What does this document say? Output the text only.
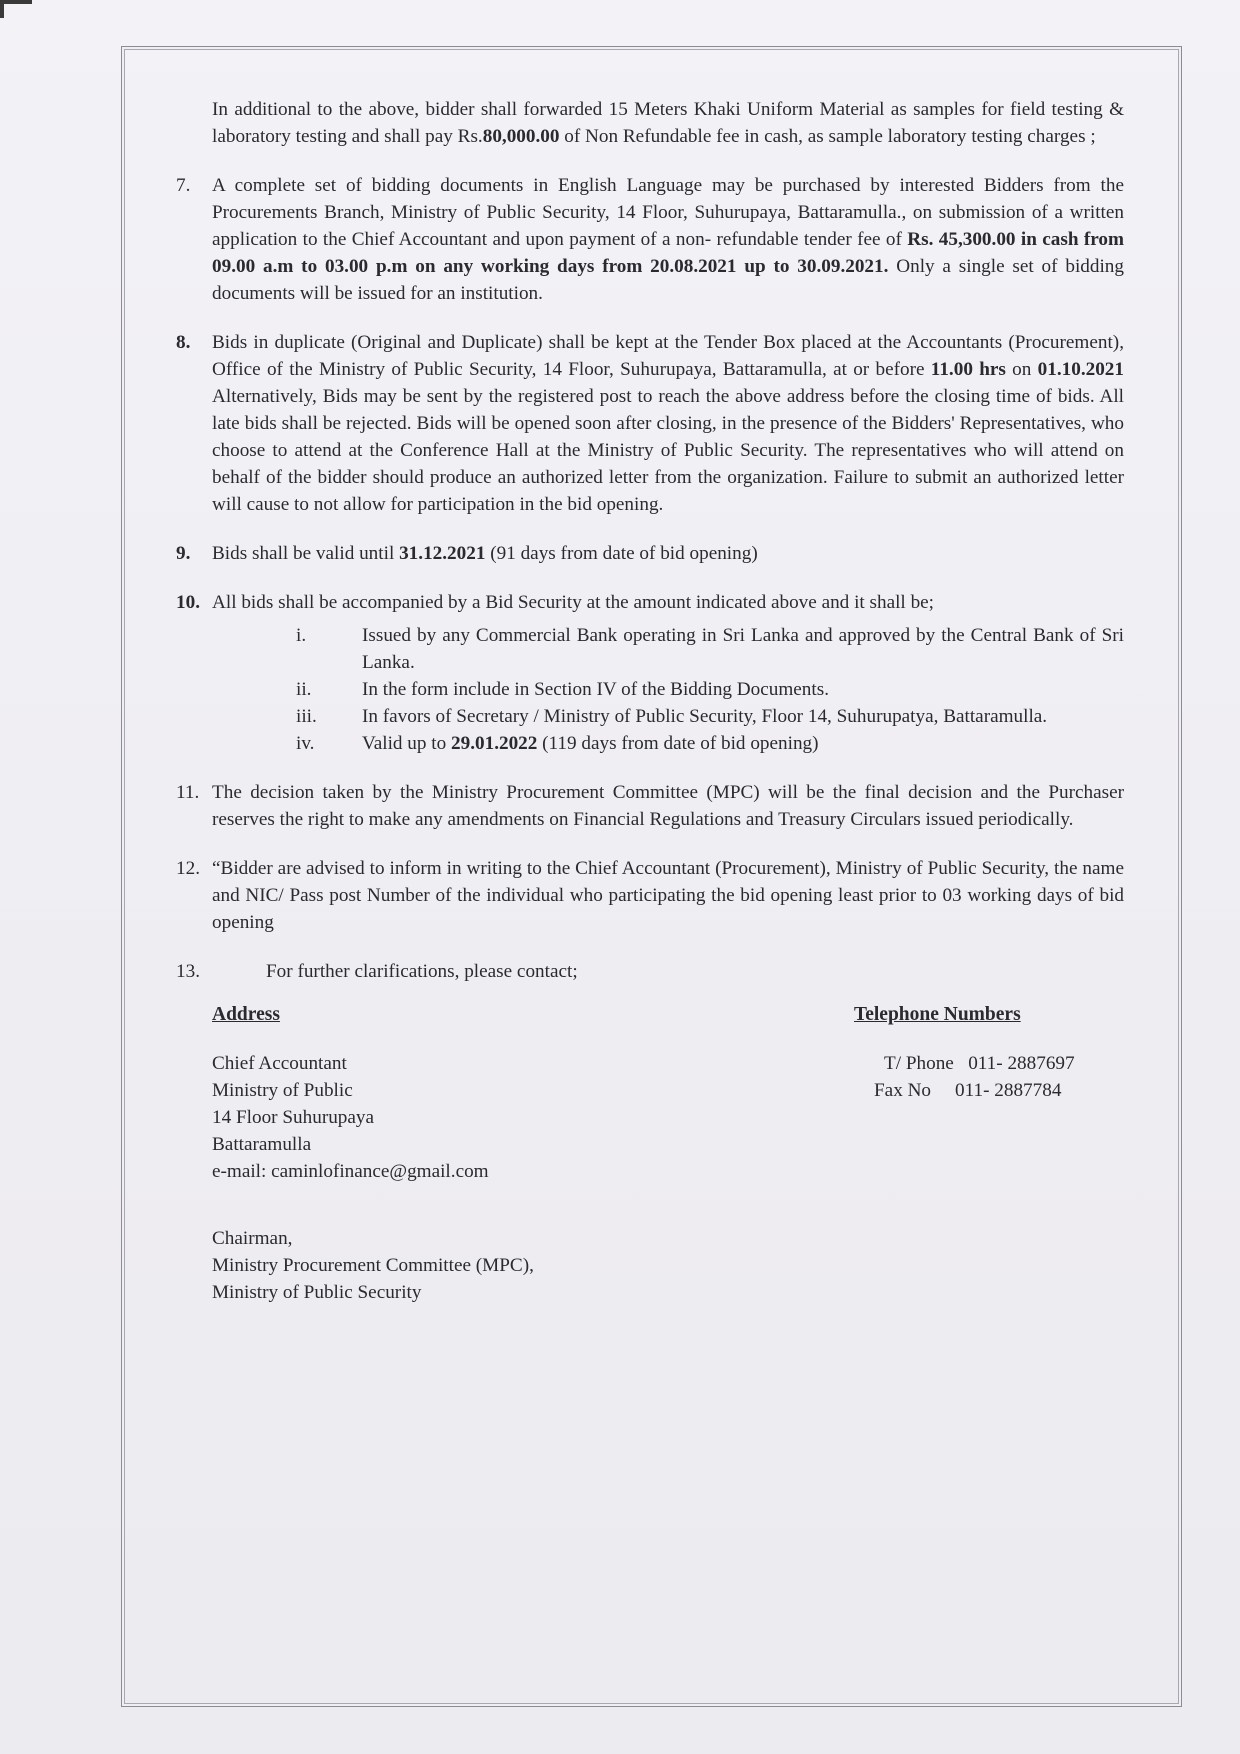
In additional to the above, bidder shall forwarded 15 Meters Khaki Uniform Material as samples for field testing & laboratory testing and shall pay Rs.80,000.00 of Non Refundable fee in cash, as sample laboratory testing charges ;

7. A complete set of bidding documents in English Language may be purchased by interested Bidders from the Procurements Branch, Ministry of Public Security, 14 Floor, Suhurupaya, Battaramulla., on submission of a written application to the Chief Accountant and upon payment of a non- refundable tender fee of Rs. 45,300.00 in cash from 09.00 a.m to 03.00 p.m on any working days from 20.08.2021 up to 30.09.2021. Only a single set of bidding documents will be issued for an institution.
8. Bids in duplicate (Original and Duplicate) shall be kept at the Tender Box placed at the Accountants (Procurement), Office of the Ministry of Public Security, 14 Floor, Suhurupaya, Battaramulla, at or before 11.00 hrs on 01.10.2021 Alternatively, Bids may be sent by the registered post to reach the above address before the closing time of bids. All late bids shall be rejected. Bids will be opened soon after closing, in the presence of the Bidders' Representatives, who choose to attend at the Conference Hall at the Ministry of Public Security. The representatives who will attend on behalf of the bidder should produce an authorized letter from the organization. Failure to submit an authorized letter will cause to not allow for participation in the bid opening.
9. Bids shall be valid until 31.12.2021 (91 days from date of bid opening)
10. All bids shall be accompanied by a Bid Security at the amount indicated above and it shall be;
i.	Issued by any Commercial Bank operating in Sri Lanka and approved by the Central Bank of Sri Lanka.
ii.	In the form include in Section IV of the Bidding Documents.
iii. In favors of Secretary / Ministry of Public Security, Floor 14, Suhurupatya, Battaramulla.
iv. Valid up to 29.01.2022 (119 days from date of bid opening)
11. The decision taken by the Ministry Procurement Committee (MPC) will be the final decision and the Purchaser reserves the right to make any amendments on Financial Regulations and Treasury Circulars issued periodically.
12. “Bidder are advised to inform in writing to the Chief Accountant (Procurement), Ministry of Public Security, the name and NIC/ Pass post Number of the individual who participating the bid opening least prior to 03 working days of bid opening
13.	For further clarifications, please contact;
Address
Chief Accountant
Ministry of Public
14 Floor Suhurupaya
Battaramulla
e-mail: caminlofinance@gmail.com
Telephone Numbers
T/ Phone   011- 2887697
Fax No     011- 2887784
Chairman,
Ministry Procurement Committee (MPC),
Ministry of Public Security
